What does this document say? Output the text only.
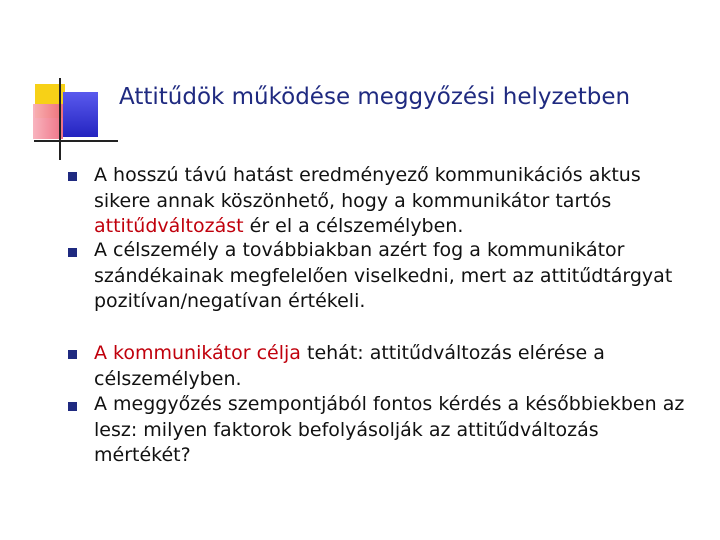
Attitűdök működése meggyőzési helyzetben
A hosszú távú hatást eredményező kommunikációs aktus sikere annak köszönhető, hogy a kommunikátor tartós attitűdváltozást ér el a célszemélyben.
A célszemély a továbbiakban azért fog a kommunikátor szándékainak megfelelően viselkedni, mert az attitűdtárgyat pozitívan/negatívan értékeli.
A kommunikátor célja tehát: attitűdváltozás elérése a célszemélyben.
A meggyőzés szempontjából fontos kérdés a későbbiekben az lesz: milyen faktorok befolyásolják az attitűdváltozás mértékét?
